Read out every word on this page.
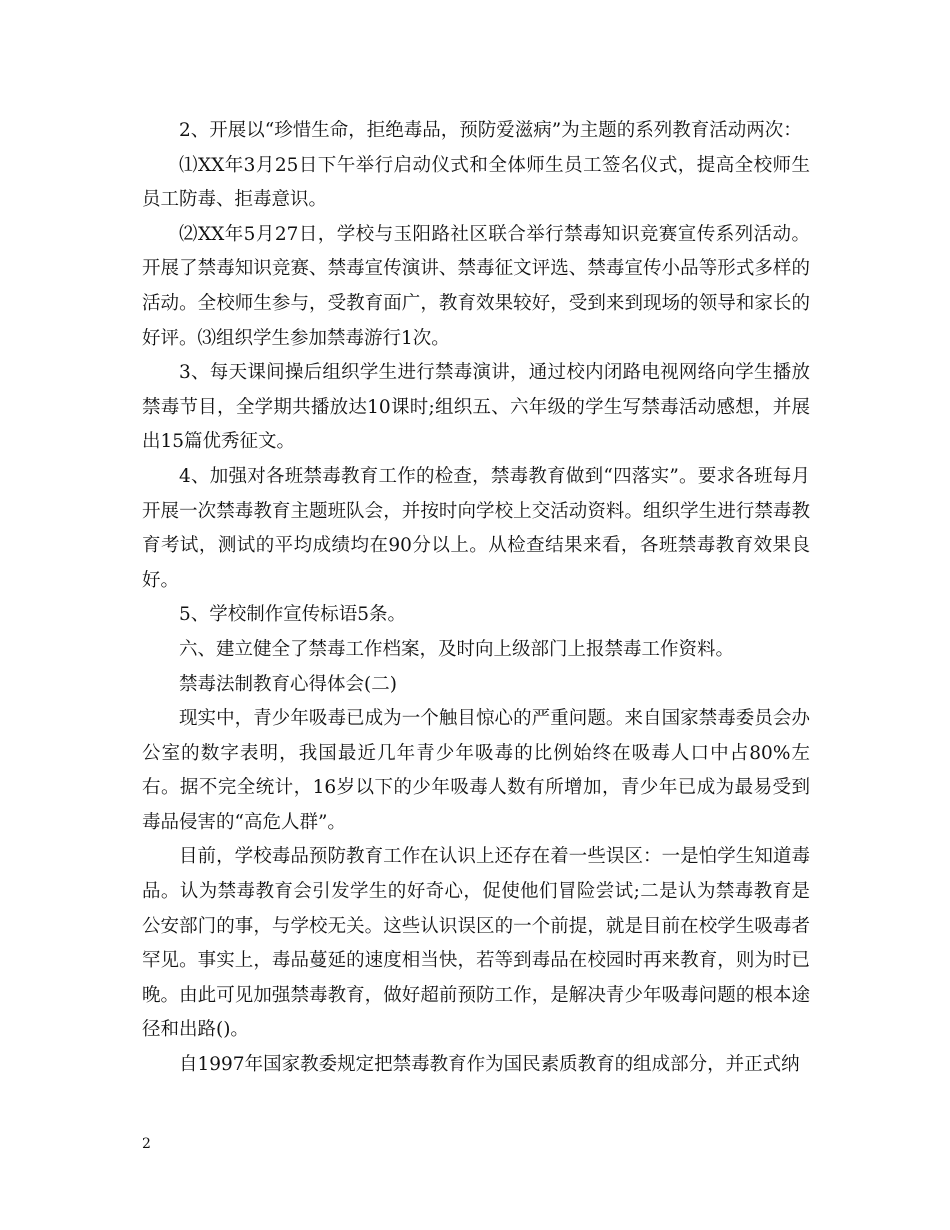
2、开展以“珍惜生命，拒绝毒品，预防爱滋病”为主题的系列教育活动两次：

⑴XX年3月25日下午举行启动仪式和全体师生员工签名仪式，提高全校师生员工防毒、拒毒意识。

⑵XX年5月27日，学校与玉阳路社区联合举行禁毒知识竞赛宣传系列活动。开展了禁毒知识竞赛、禁毒宣传演讲、禁毒征文评选、禁毒宣传小品等形式多样的活动。全校师生参与，受教育面广，教育效果较好，受到来到现场的领导和家长的好评。⑶组织学生参加禁毒游行1次。

3、每天课间操后组织学生进行禁毒演讲，通过校内闭路电视网络向学生播放禁毒节目，全学期共播放达10课时;组织五、六年级的学生写禁毒活动感想，并展出15篇优秀征文。

4、加强对各班禁毒教育工作的检查，禁毒教育做到“四落实”。要求各班每月开展一次禁毒教育主题班队会，并按时向学校上交活动资料。组织学生进行禁毒教育考试，测试的平均成绩均在90分以上。从检查结果来看，各班禁毒教育效果良好。

5、学校制作宣传标语5条。

六、建立健全了禁毒工作档案，及时向上级部门上报禁毒工作资料。

禁毒法制教育心得体会(二)

现实中，青少年吸毒已成为一个触目惊心的严重问题。来自国家禁毒委员会办公室的数字表明，我国最近几年青少年吸毒的比例始终在吸毒人口中占80%左右。据不完全统计，16岁以下的少年吸毒人数有所增加，青少年已成为最易受到毒品侵害的“高危人群”。

目前，学校毒品预防教育工作在认识上还存在着一些误区：一是怕学生知道毒品。认为禁毒教育会引发学生的好奇心，促使他们冒险尝试;二是认为禁毒教育是公安部门的事，与学校无关。这些认识误区的一个前提，就是目前在校学生吸毒者罕见。事实上，毒品蔓延的速度相当快，若等到毒品在校园时再来教育，则为时已晚。由此可见加强禁毒教育，做好超前预防工作，是解决青少年吸毒问题的根本途径和出路()。

自1997年国家教委规定把禁毒教育作为国民素质教育的组成部分，并正式纳

2
